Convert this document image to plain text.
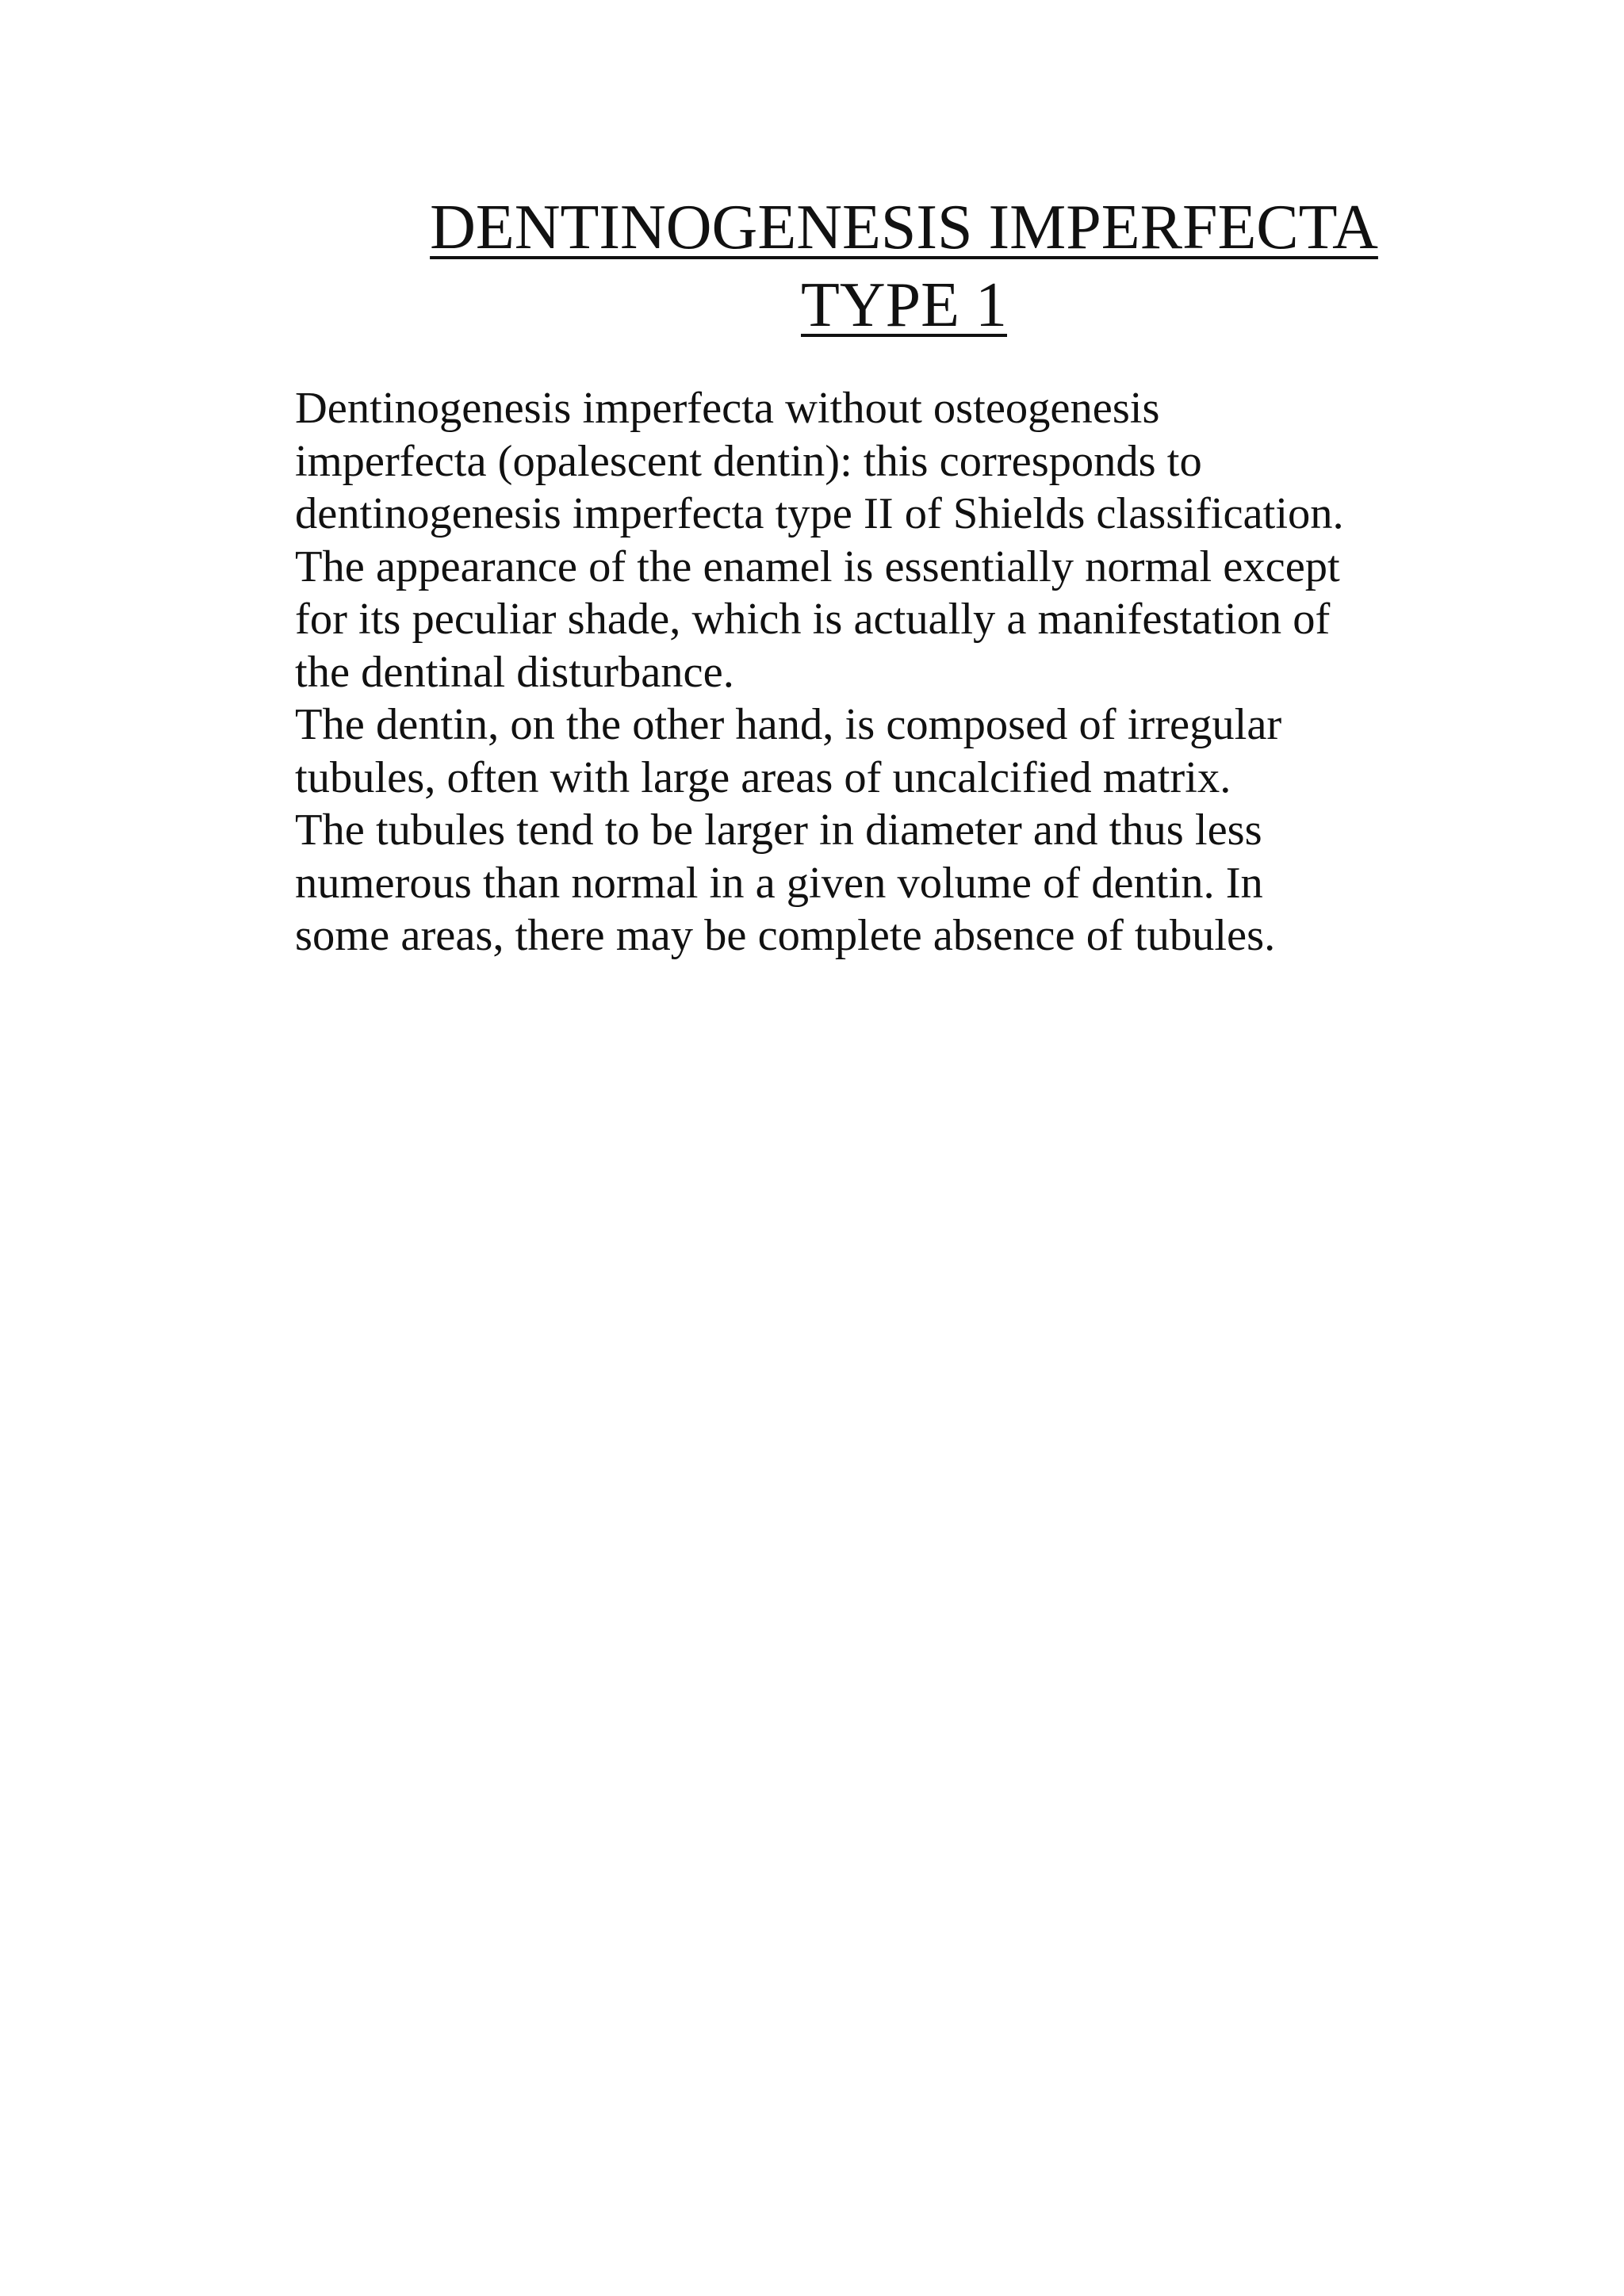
DENTINOGENESIS IMPERFECTA
TYPE 1

Dentinogenesis imperfecta without osteogenesis
imperfecta (opalescent dentin): this corresponds to
dentinogenesis imperfecta type II of Shields classification.
The appearance of the enamel is essentially normal except
for its peculiar shade, which is actually a manifestation of
the dentinal disturbance.
The dentin, on the other hand, is composed of irregular
tubules, often with large areas of uncalcified matrix.
The tubules tend to be larger in diameter and thus less
numerous than normal in a given volume of dentin. In
some areas, there may be complete absence of tubules.
